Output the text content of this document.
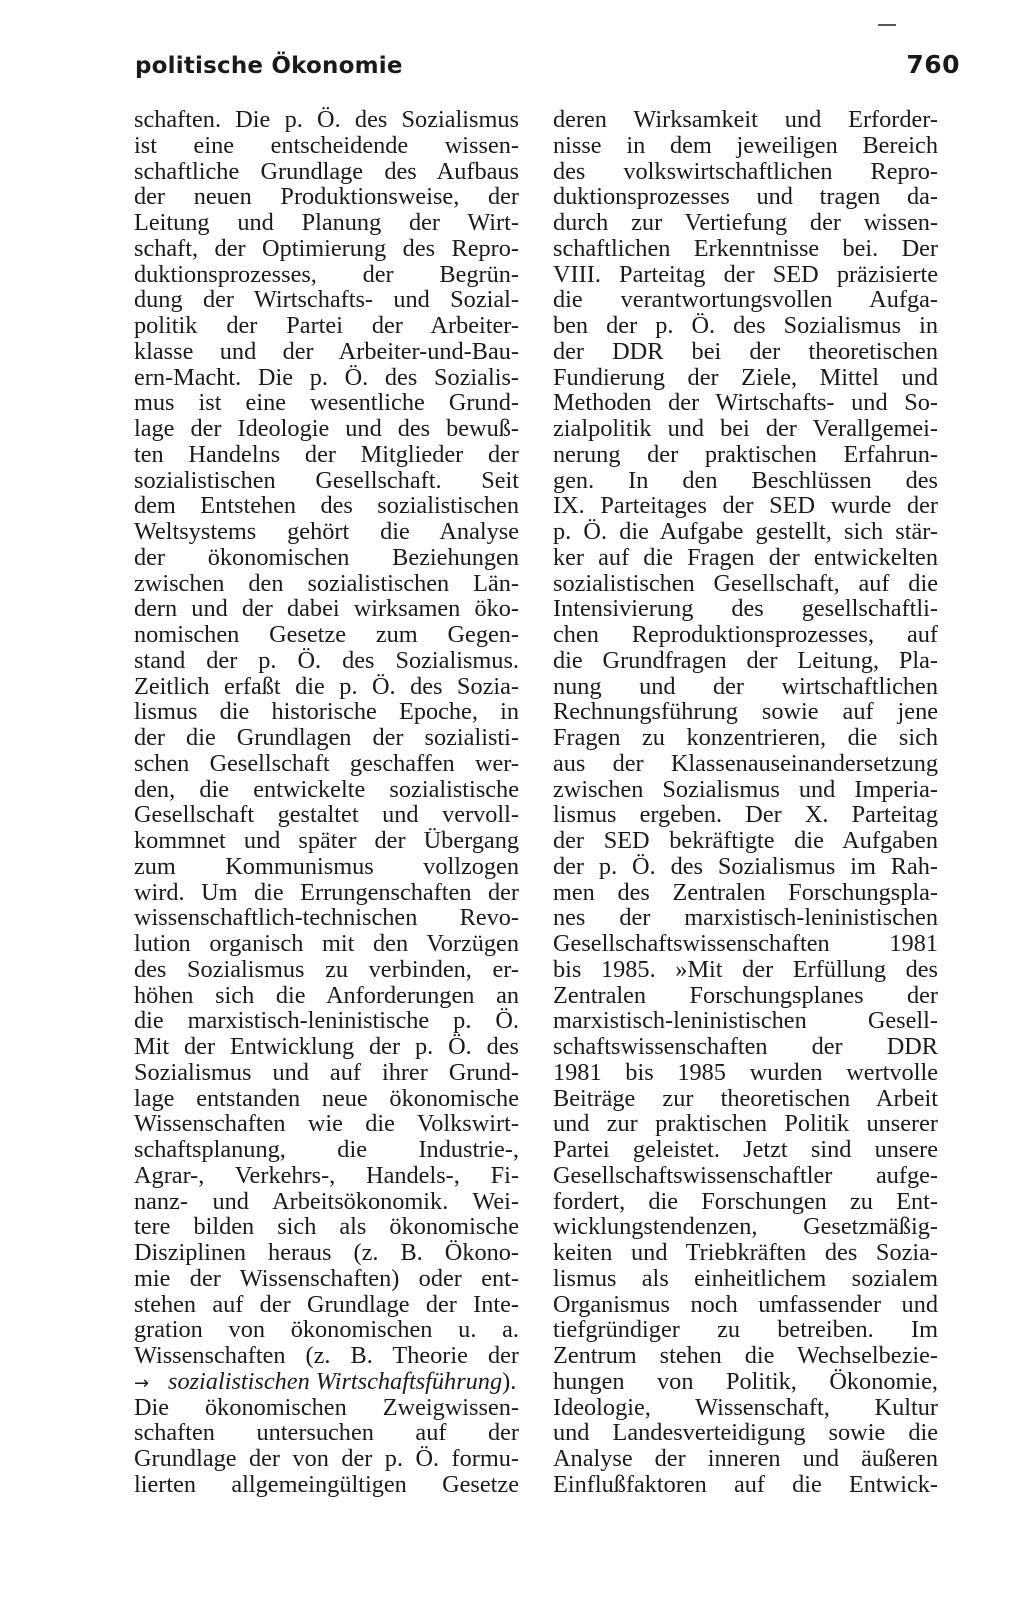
politische Ökonomie	760
schaften. Die p. Ö. des Sozialismus
ist eine entscheidende wissen-
schaftliche Grundlage des Aufbaus
der neuen Produktionsweise, der
Leitung und Planung der Wirt-
schaft, der Optimierung des Repro-
duktionsprozesses, der Begrün-
dung der Wirtschafts- und Sozial-
politik der Partei der Arbeiter-
klasse und der Arbeiter-und-Bau-
ern-Macht. Die p. Ö. des Sozialis-
mus ist eine wesentliche Grund-
lage der Ideologie und des bewuß-
ten Handelns der Mitglieder der
sozialistischen Gesellschaft. Seit
dem Entstehen des sozialistischen
Weltsystems gehört die Analyse
der ökonomischen Beziehungen
zwischen den sozialistischen Län-
dern und der dabei wirksamen öko-
nomischen Gesetze zum Gegen-
stand der p. Ö. des Sozialismus.
Zeitlich erfaßt die p. Ö. des Sozia-
lismus die historische Epoche, in
der die Grundlagen der sozialisti-
schen Gesellschaft geschaffen wer-
den, die entwickelte sozialistische
Gesellschaft gestaltet und vervoll-
kommnet und später der Übergang
zum Kommunismus vollzogen
wird. Um die Errungenschaften der
wissenschaftlich-technischen Revo-
lution organisch mit den Vorzügen
des Sozialismus zu verbinden, er-
höhen sich die Anforderungen an
die marxistisch-leninistische p. Ö.
Mit der Entwicklung der p. Ö. des
Sozialismus und auf ihrer Grund-
lage entstanden neue ökonomische
Wissenschaften wie die Volkswirt-
schaftsplanung, die Industrie-,
Agrar-, Verkehrs-, Handels-, Fi-
nanz- und Arbeitsökonomik. Wei-
tere bilden sich als ökonomische
Disziplinen heraus (z. B. Ökono-
mie der Wissenschaften) oder ent-
stehen auf der Grundlage der Inte-
gration von ökonomischen u. a.
Wissenschaften (z. B. Theorie der
→ sozialistischen Wirtschaftsführung).
Die ökonomischen Zweigwissen-
schaften untersuchen auf der
Grundlage der von der p. Ö. formu-
lierten allgemeingültigen Gesetze
deren Wirksamkeit und Erforder-
nisse in dem jeweiligen Bereich
des volkswirtschaftlichen Repro-
duktionsprozesses und tragen da-
durch zur Vertiefung der wissen-
schaftlichen Erkenntnisse bei. Der
VIII. Parteitag der SED präzisierte
die verantwortungsvollen Aufga-
ben der p. Ö. des Sozialismus in
der DDR bei der theoretischen
Fundierung der Ziele, Mittel und
Methoden der Wirtschafts- und So-
zialpolitik und bei der Verallgemei-
nerung der praktischen Erfahrun-
gen. In den Beschlüssen des
IX. Parteitages der SED wurde der
p. Ö. die Aufgabe gestellt, sich stär-
ker auf die Fragen der entwickelten
sozialistischen Gesellschaft, auf die
Intensivierung des gesellschaftli-
chen Reproduktionsprozesses, auf
die Grundfragen der Leitung, Pla-
nung und der wirtschaftlichen
Rechnungsführung sowie auf jene
Fragen zu konzentrieren, die sich
aus der Klassenauseinandersetzung
zwischen Sozialismus und Imperia-
lismus ergeben. Der X. Parteitag
der SED bekräftigte die Aufgaben
der p. Ö. des Sozialismus im Rah-
men des Zentralen Forschungspla-
nes der marxistisch-leninistischen
Gesellschaftswissenschaften 1981
bis 1985. »Mit der Erfüllung des
Zentralen Forschungsplanes der
marxistisch-leninistischen Gesell-
schaftswissenschaften der DDR
1981 bis 1985 wurden wertvolle
Beiträge zur theoretischen Arbeit
und zur praktischen Politik unserer
Partei geleistet. Jetzt sind unsere
Gesellschaftswissenschaftler aufge-
fordert, die Forschungen zu Ent-
wicklungstendenzen, Gesetzmäßig-
keiten und Triebkräften des Sozia-
lismus als einheitlichem sozialem
Organismus noch umfassender und
tiefgründiger zu betreiben. Im
Zentrum stehen die Wechselbezie-
hungen von Politik, Ökonomie,
Ideologie, Wissenschaft, Kultur
und Landesverteidigung sowie die
Analyse der inneren und äußeren
Einflußfaktoren auf die Entwick-
